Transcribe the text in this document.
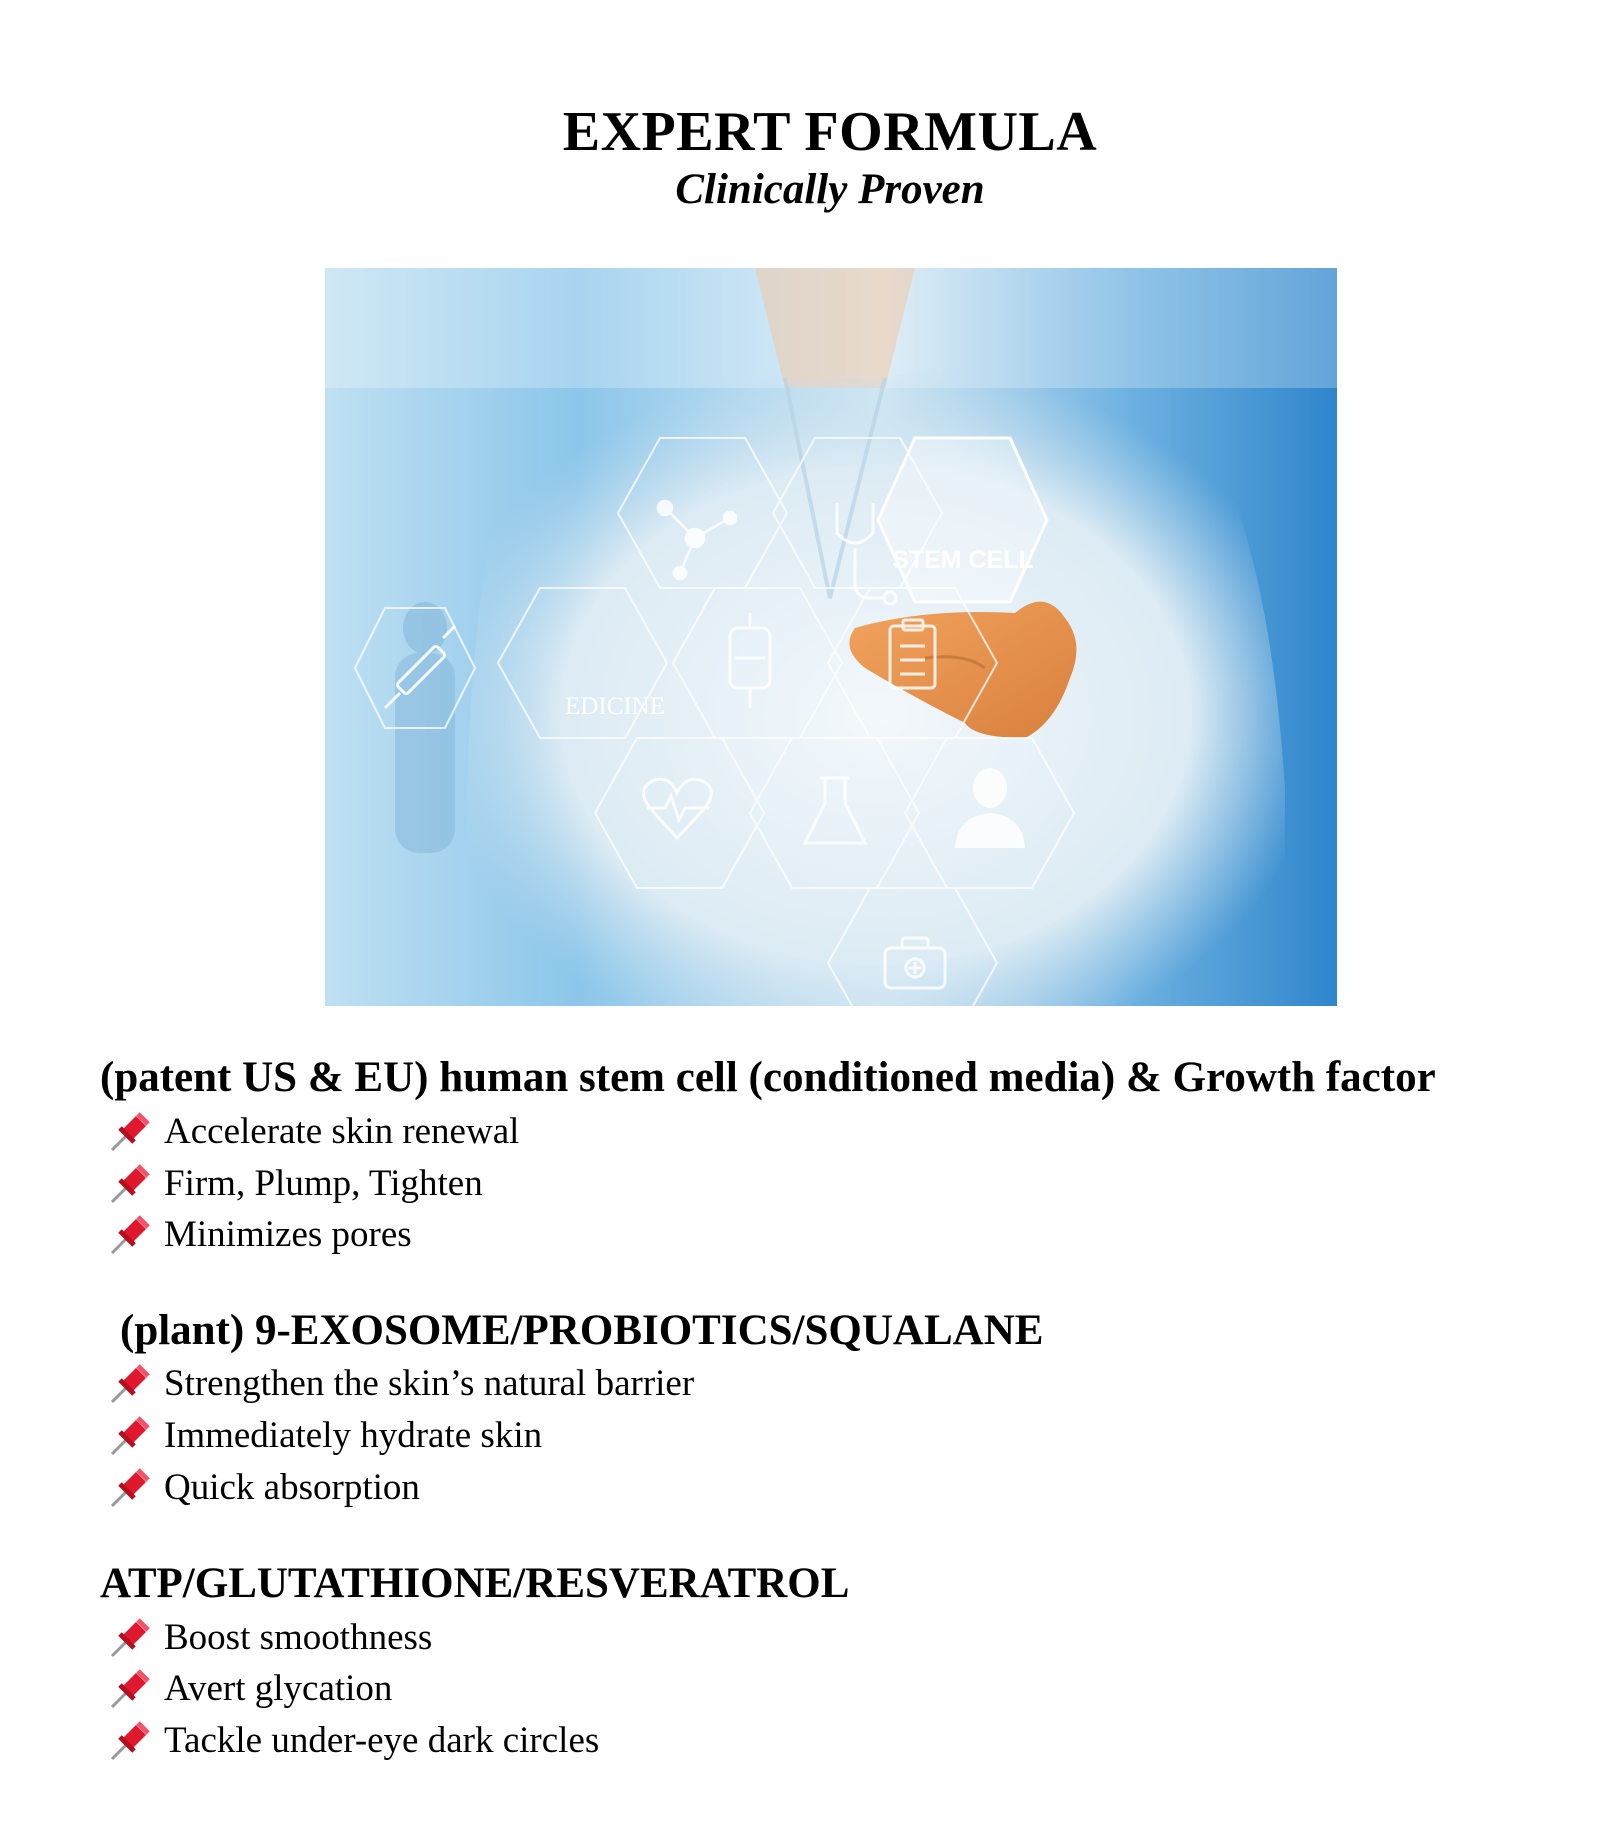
EXPERT FORMULA
Clinically Proven
STEM CELL
EDICINE
(patent US & EU) human stem cell (conditioned media) & Growth factor
Accelerate skin renewal
Firm, Plump, Tighten
Minimizes pores
(plant) 9-EXOSOME/PROBIOTICS/SQUALANE
Strengthen the skin’s natural barrier
Immediately hydrate skin
Quick absorption
ATP/GLUTATHIONE/RESVERATROL
Boost smoothness
Avert glycation
Tackle under-eye dark circles
